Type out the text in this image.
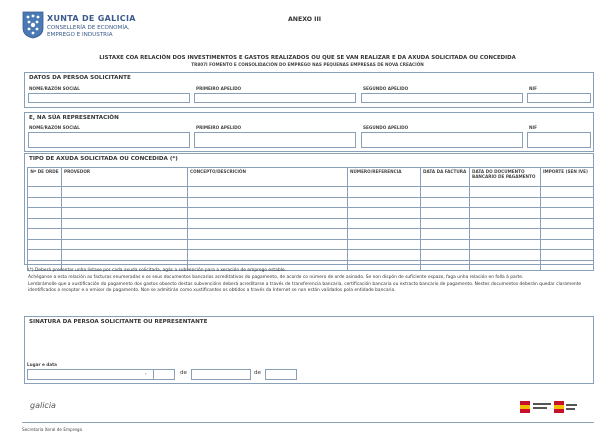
XUNTA DE GALICIA
CONSELLERÍA DE ECONOMÍA,
EMPREGO E INDUSTRIA
ANEXO III
LISTAXE COA RELACIÓN DOS INVESTIMENTOS E GASTOS REALIZADOS OU QUE SE VAN REALIZAR E DA AXUDA SOLICITADA OU CONCEDIDA
TR807I FOMENTO E CONSOLIDACIÓN DO EMPREGO NAS PEQUENAS EMPRESAS DE NOVA CREACIÓN
DATOS DA PERSOA SOLICITANTE
NOME/RAZÓN SOCIAL	PRIMEIRO APELIDO	SEGUNDO APELIDO	NIF
E, NA SÚA REPRESENTACIÓN
NOME/RAZÓN SOCIAL	PRIMEIRO APELIDO	SEGUNDO APELIDO	NIF
TIPO DE AXUDA SOLICITADA OU CONCEDIDA (*)
Nº DE ORDE	PROVEDOR	CONCEPTO/DESCRICIÓN	NÚMERO/REFERENCIA	DATA DA FACTURA	DATA DO DOCUMENTO BANCARIO DE PAGAMENTO	IMPORTE (SEN IVE)

(*) Deberá presentar unha listaxe por cada axuda solicitada, agás a subvención para a xeración de emprego estable.

Achéganse a esta relación as facturas enumeradas e os seus documentos bancarios acreditativos do pagamento, de acordo co número de orde asinado. Se non dispón de suficiente espazo, faga unha relación en folla á parte.

Lembrámolle que a xustificación do pagamento dos gastos obxecto destas subvencións deberá acreditarse a través de transferencia bancaria, certificación bancaria ou extracto bancario de pagamento. Nestes documentos deberán quedar claramente identificados o receptor e o emisor do pagamento. Non se admitirán como xustificantes os obtidos a través da Internet se non están validados pola entidade bancaria.

SINATURA DA PERSOA SOLICITANTE OU REPRESENTANTE
Lugar e data
,	de	de
galicia
Secretaría Xeral de Emprego
